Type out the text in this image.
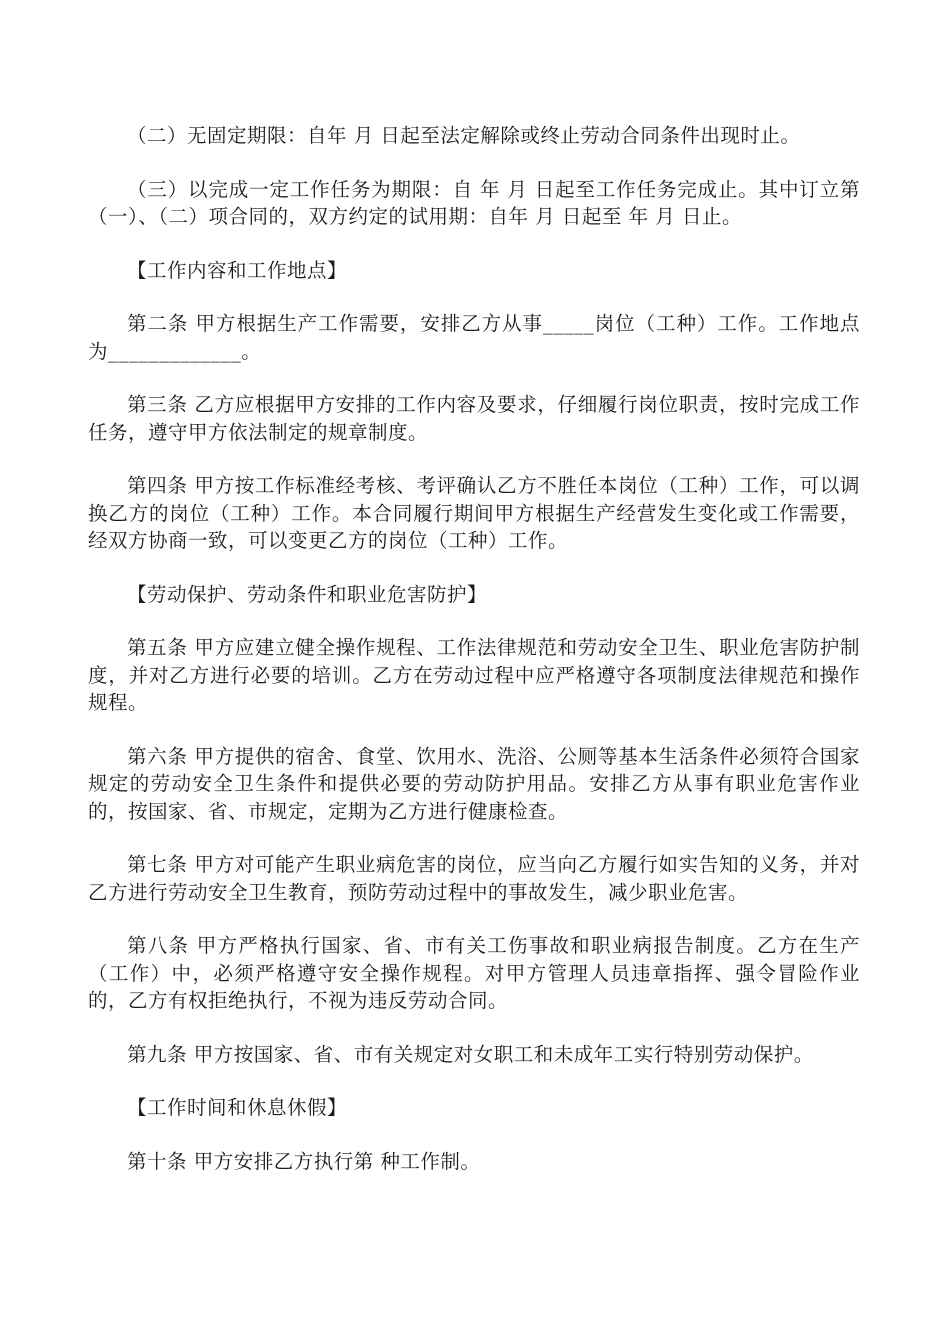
（二）无固定期限：自年 月 日起至法定解除或终止劳动合同条件出现时止。

（三）以完成一定工作任务为期限：自 年 月 日起至工作任务完成止。其中订立第（一）、（二）项合同的，双方约定的试用期：自年 月 日起至 年 月 日止。

【工作内容和工作地点】

第二条 甲方根据生产工作需要，安排乙方从事_____岗位（工种）工作。工作地点为_____________。

第三条 乙方应根据甲方安排的工作内容及要求，仔细履行岗位职责，按时完成工作任务，遵守甲方依法制定的规章制度。

第四条 甲方按工作标准经考核、考评确认乙方不胜任本岗位（工种）工作，可以调换乙方的岗位（工种）工作。本合同履行期间甲方根据生产经营发生变化或工作需要，经双方协商一致，可以变更乙方的岗位（工种）工作。

【劳动保护、劳动条件和职业危害防护】

第五条 甲方应建立健全操作规程、工作法律规范和劳动安全卫生、职业危害防护制度，并对乙方进行必要的培训。乙方在劳动过程中应严格遵守各项制度法律规范和操作规程。

第六条 甲方提供的宿舍、食堂、饮用水、洗浴、公厕等基本生活条件必须符合国家规定的劳动安全卫生条件和提供必要的劳动防护用品。安排乙方从事有职业危害作业的，按国家、省、市规定，定期为乙方进行健康检查。

第七条 甲方对可能产生职业病危害的岗位，应当向乙方履行如实告知的义务，并对乙方进行劳动安全卫生教育，预防劳动过程中的事故发生，减少职业危害。

第八条 甲方严格执行国家、省、市有关工伤事故和职业病报告制度。乙方在生产（工作）中，必须严格遵守安全操作规程。对甲方管理人员违章指挥、强令冒险作业的，乙方有权拒绝执行，不视为违反劳动合同。

第九条 甲方按国家、省、市有关规定对女职工和未成年工实行特别劳动保护。

【工作时间和休息休假】

第十条 甲方安排乙方执行第 种工作制。
